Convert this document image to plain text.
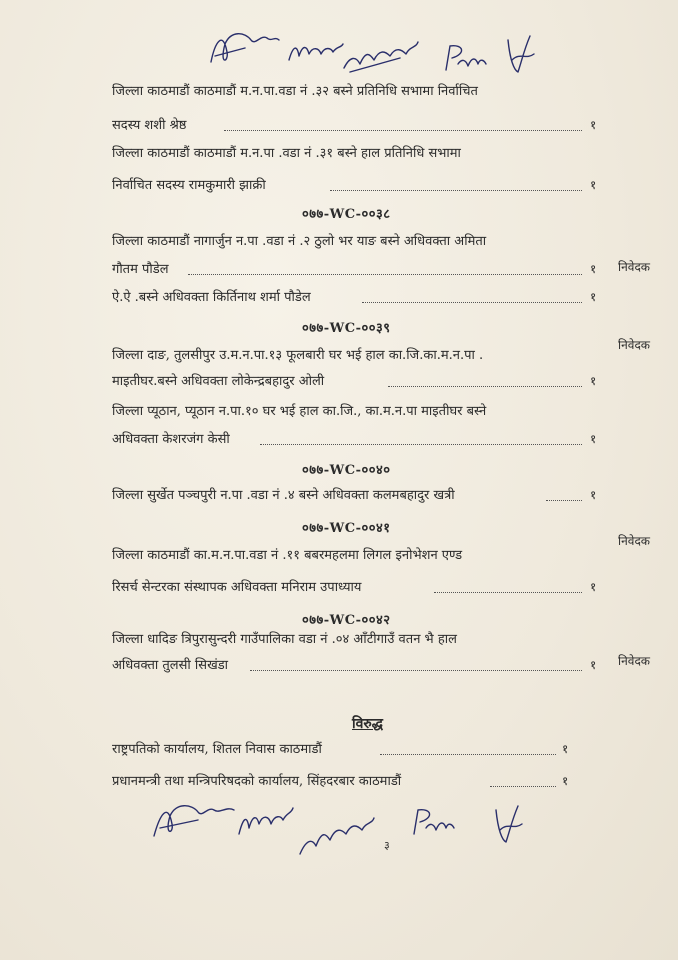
जिल्ला काठमाडौं काठमाडौं म.न.पा.वडा नं .३२ बस्ने प्रतिनिधि सभामा निर्वाचित
सदस्य शशी श्रेष्ठ	१
जिल्ला काठमाडौं काठमाडौं म.न.पा .वडा नं .३१ बस्ने हाल प्रतिनिधि सभामा
निर्वाचित सदस्य रामकुमारी झाक्री	१
०७७-WC-००३८
जिल्ला काठमाडौं नागार्जुन न.पा .वडा नं .२ ठुलो भर याङ बस्ने अधिवक्ता अमिता
गौतम पौडेल	१ निवेदक
ऐ.ऐ .बस्ने अधिवक्ता किर्तिनाथ शर्मा पौडेल	१
०७७-WC-००३९
निवेदक
जिल्ला दाङ, तुलसीपुर उ.म.न.पा.१३ फूलबारी घर भई हाल का.जि.का.म.न.पा .
माइतीघर.बस्ने अधिवक्ता लोकेन्द्रबहादुर ओली	१
जिल्ला प्यूठान, प्यूठान न.पा.१० घर भई हाल का.जि., का.म.न.पा माइतीघर बस्ने
अधिवक्ता केशरजंग केसी	१
०७७-WC-००४०
जिल्ला सुर्खेत पञ्चपुरी न.पा .वडा नं .४ बस्ने अधिवक्ता कलमबहादुर खत्री	१
०७७-WC-००४१
निवेदक
जिल्ला काठमाडौं का.म.न.पा.वडा नं .११ बबरमहलमा लिगल इनोभेशन एण्ड
रिसर्च सेन्टरका संस्थापक अधिवक्ता मनिराम उपाध्याय	१
०७७-WC-००४२
जिल्ला धादिङ त्रिपुरासुन्दरी गाउँपालिका वडा नं .०४ आँटीगाउँ वतन भै हाल
अधिवक्ता तुलसी सिखंडा	१ निवेदक
विरुद्ध
राष्ट्रपतिको कार्यालय, शितल निवास काठमाडौं	१
प्रधानमन्त्री तथा मन्त्रिपरिषदको कार्यालय, सिंहदरबार काठमाडौं	१
३
